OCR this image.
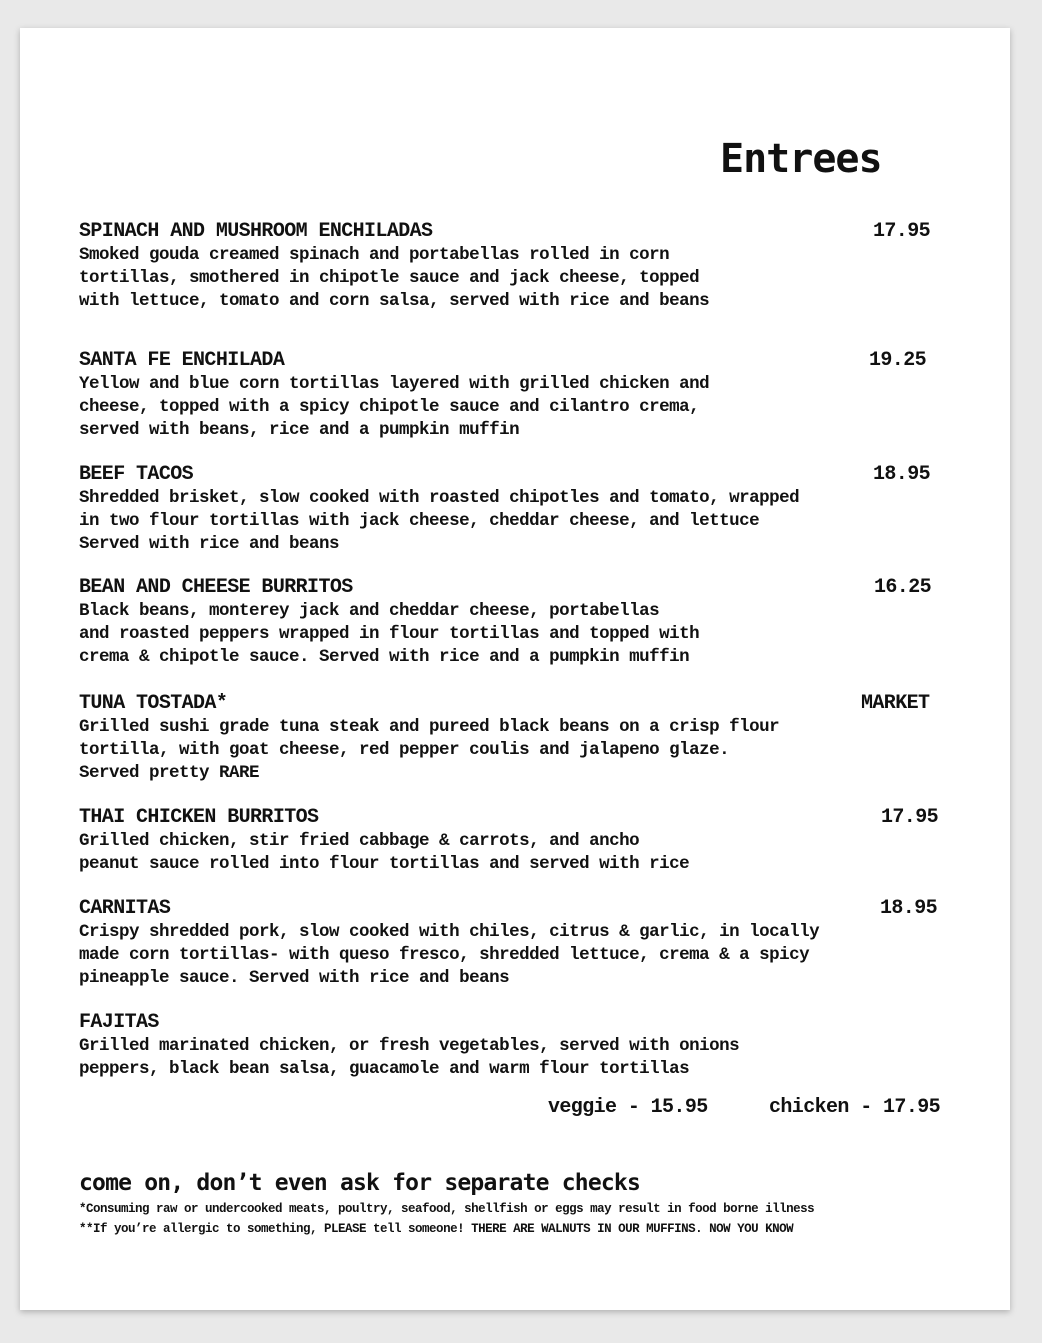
Entrees
SPINACH AND MUSHROOM ENCHILADAS
Smoked gouda creamed spinach and portabellas rolled in corn
tortillas, smothered in chipotle sauce and jack cheese, topped
with lettuce, tomato and corn salsa, served with rice and beans
17.95
SANTA FE ENCHILADA
Yellow and blue corn tortillas layered with grilled chicken and
cheese, topped with a spicy chipotle sauce and cilantro crema,
served with beans, rice and a pumpkin muffin
19.25
BEEF TACOS
Shredded brisket, slow cooked with roasted chipotles and tomato, wrapped
in two flour tortillas with jack cheese, cheddar cheese, and lettuce
Served with rice and beans
18.95
BEAN AND CHEESE BURRITOS
Black beans, monterey jack and cheddar cheese, portabellas
and roasted peppers wrapped in flour tortillas and topped with
crema & chipotle sauce. Served with rice and a pumpkin muffin
16.25
TUNA TOSTADA*
Grilled sushi grade tuna steak and pureed black beans on a crisp flour
tortilla, with goat cheese, red pepper coulis and jalapeno glaze.
Served pretty RARE
MARKET
THAI CHICKEN BURRITOS
Grilled chicken, stir fried cabbage & carrots, and ancho
peanut sauce rolled into flour tortillas and served with rice
17.95
CARNITAS
Crispy shredded pork, slow cooked with chiles, citrus & garlic, in locally
made corn tortillas- with queso fresco, shredded lettuce, crema & a spicy
pineapple sauce. Served with rice and beans
18.95
FAJITAS
Grilled marinated chicken, or fresh vegetables, served with onions
peppers, black bean salsa, guacamole and warm flour tortillas
veggie - 15.95	chicken - 17.95
come on, don’t even ask for separate checks
*Consuming raw or undercooked meats, poultry, seafood, shellfish or eggs may result in food borne illness
**If you’re allergic to something, PLEASE tell someone! THERE ARE WALNUTS IN OUR MUFFINS. NOW YOU KNOW
